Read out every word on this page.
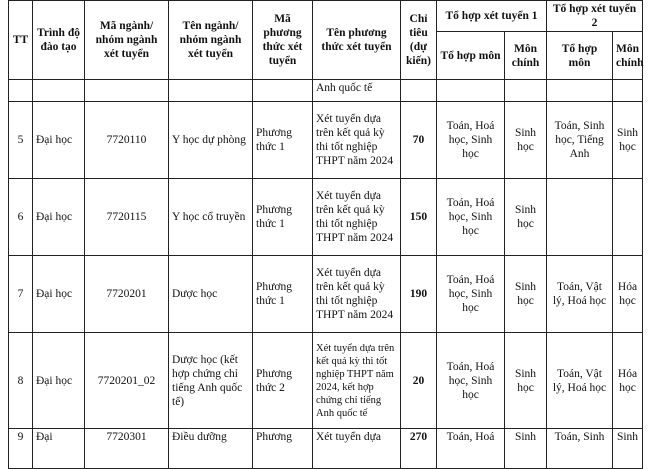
TT	Trình độ đào tạo	Mã ngành/ nhóm ngành xét tuyển	Tên ngành/ nhóm ngành xét tuyển	Mã phương thức xét tuyển	Tên phương thức xét tuyển	Chỉ tiêu (dự kiến)	Tổ hợp xét tuyển 1		Tổ hợp xét tuyển 2	
							Tổ hợp môn	Môn chính	Tổ hợp môn	Môn chính
					Anh quốc tế					
5	Đại học	7720110	Y học dự phòng	Phương thức 1	Xét tuyển dựa trên kết quả kỳ thi tốt nghiệp THPT năm 2024	70	Toán, Hoá học, Sinh học	Sinh học	Toán, Sinh học, Tiếng Anh	Sinh học
6	Đại học	7720115	Y học cổ truyền	Phương thức 1	Xét tuyển dựa trên kết quả kỳ thi tốt nghiệp THPT năm 2024	150	Toán, Hoá học, Sinh học	Sinh học		
7	Đại học	7720201	Dược học	Phương thức 1	Xét tuyển dựa trên kết quả kỳ thi tốt nghiệp THPT năm 2024	190	Toán, Hoá học, Sinh học	Sinh học	Toán, Vật lý, Hoá học	Hóa học
8	Đại học	7720201_02	Dược học (kết hợp chứng chỉ tiếng Anh quốc tế)	Phương thức 2	Xét tuyển dựa trên kết quả kỳ thi tốt nghiệp THPT năm 2024, kết hợp chứng chỉ tiếng Anh quốc tế	20	Toán, Hoá học, Sinh học	Sinh học	Toán, Vật lý, Hoá học	Hóa học
9	Đại	7720301	Điều dưỡng	Phương	Xét tuyển dựa	270	Toán, Hoá	Sinh	Toán, Sinh	Sinh
